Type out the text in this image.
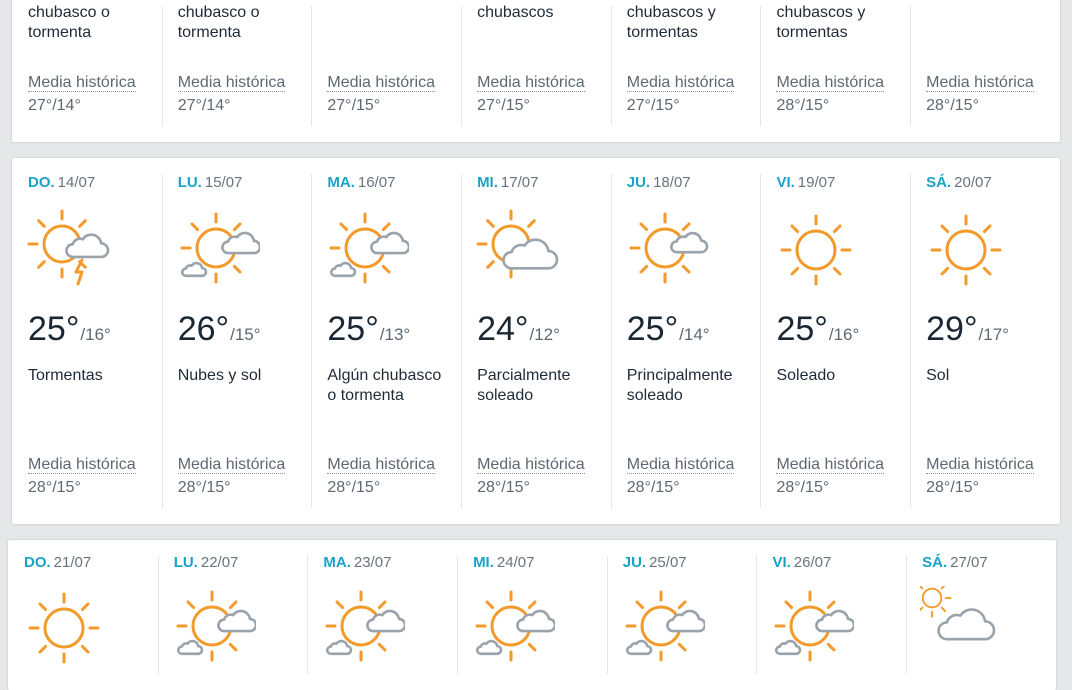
chubasco o tormenta
Media histórica
27°/14°
chubasco o tormenta
Media histórica
27°/14°
Media histórica
27°/15°
chubascos
Media histórica
27°/15°
chubascos y tormentas
Media histórica
27°/15°
chubascos y tormentas
Media histórica
28°/15°
Media histórica
28°/15°
DO. 14/07
25°/16°
Tormentas
Media histórica
28°/15°
LU. 15/07
26°/15°
Nubes y sol
Media histórica
28°/15°
MA. 16/07
25°/13°
Algún chubasco o tormenta
Media histórica
28°/15°
MI. 17/07
24°/12°
Parcialmente soleado
Media histórica
28°/15°
JU. 18/07
25°/14°
Principalmente soleado
Media histórica
28°/15°
VI. 19/07
25°/16°
Soleado
Media histórica
28°/15°
SÁ. 20/07
29°/17°
Sol
Media histórica
28°/15°
DO. 21/07	LU. 22/07	MA. 23/07	MI. 24/07	JU. 25/07	VI. 26/07	SÁ. 27/07
